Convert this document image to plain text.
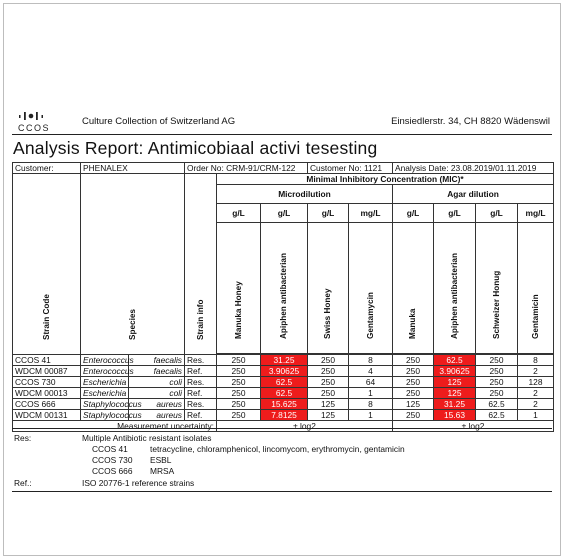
CCOS
Culture Collection of Switzerland AG	Einsiedlerstr. 34, CH 8820 Wädenswil
Analysis Report: Antimicobiaal activi tesesting
Customer:	PHENALEX		Order No: CRM-91/CRM-122			Customer No: 1121		Analysis Date: 23.08.2019/01.11.2019			

Strain Code	Species		Strain info	Minimal Inhibitory Concentration (MIC)*							
				Microdilution				Agar dilution			
				g/L	g/L	g/L	mg/L	g/L	g/L	g/L	mg/L

				Manuka Honey	Apiphen antibacterian	Swiss Honey	Gentamycin	Manuka	Apiphen antibacterian	Schweizer Honug	Gentamicin

CCOS 41	Enterococcus	faecalis	Res.	250	31.25	250	8	250	62.5	250	8
WDCM 00087	Enterococcus	faecalis	Ref.	250	3.90625	250	4	250	3.90625	250	2
CCOS 730	Escherichia	coli	Res.	250	62.5	250	64	250	125	250	128
WDCM 00013	Escherichia	coli	Ref.	250	62.5	250	1	250	125	250	2
CCOS 666	Staphylococcus	aureus	Res.	250	15.625	125	8	125	31.25	62.5	2
WDCM 00131	Staphylococcus	aureus	Ref.	250	7.8125	125	1	250	15.63	62.5	1
Measurement uncertainty:				± log2				± log2			
Res:	Multiple Antibiotic resistant isolates
CCOS 41	tetracycline, chloramphenicol, lincomycom, erythromycin, gentamicin
CCOS 730 ESBL
CCOS 666 MRSA
Ref.:	ISO 20776-1 reference strains
